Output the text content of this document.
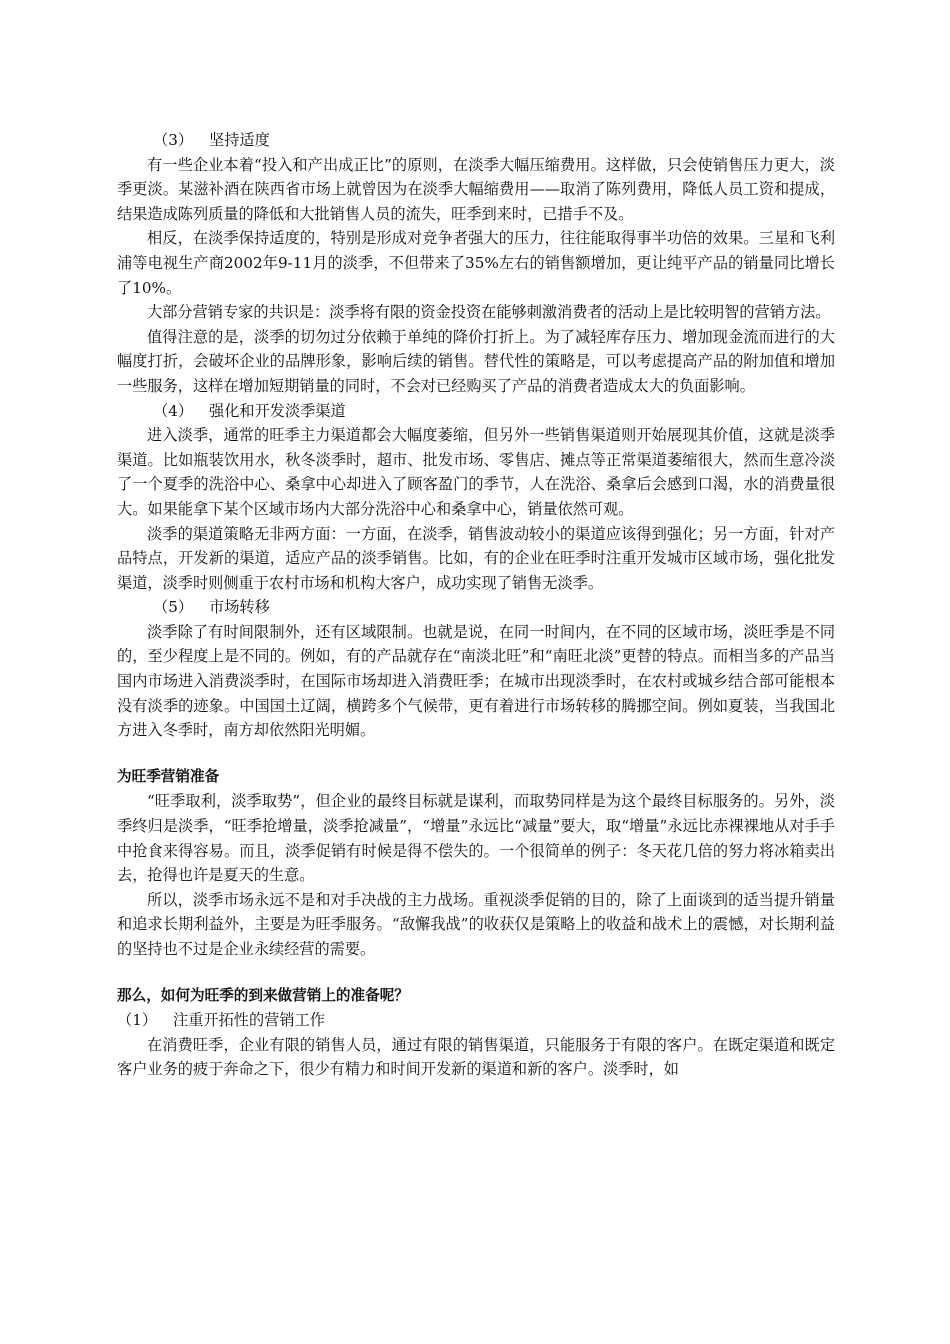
（3） 坚持适度

有一些企业本着“投入和产出成正比”的原则，在淡季大幅压缩费用。这样做，只会使销售压力更大，淡季更淡。某滋补酒在陕西省市场上就曾因为在淡季大幅缩费用——取消了陈列费用，降低人员工资和提成，结果造成陈列质量的降低和大批销售人员的流失，旺季到来时，已措手不及。

相反，在淡季保持适度的，特别是形成对竞争者强大的压力，往往能取得事半功倍的效果。三星和飞利浦等电视生产商2002年9-11月的淡季，不但带来了35%左右的销售额增加，更让纯平产品的销量同比增长了10%。

大部分营销专家的共识是：淡季将有限的资金投资在能够刺激消费者的活动上是比较明智的营销方法。

值得注意的是，淡季的切勿过分依赖于单纯的降价打折上。为了减轻库存压力、增加现金流而进行的大幅度打折，会破坏企业的品牌形象，影响后续的销售。替代性的策略是，可以考虑提高产品的附加值和增加一些服务，这样在增加短期销量的同时，不会对已经购买了产品的消费者造成太大的负面影响。

（4） 强化和开发淡季渠道

进入淡季，通常的旺季主力渠道都会大幅度萎缩，但另外一些销售渠道则开始展现其价值，这就是淡季渠道。比如瓶装饮用水，秋冬淡季时，超市、批发市场、零售店、摊点等正常渠道萎缩很大，然而生意冷淡了一个夏季的洗浴中心、桑拿中心却进入了顾客盈门的季节，人在洗浴、桑拿后会感到口渴，水的消费量很大。如果能拿下某个区域市场内大部分洗浴中心和桑拿中心，销量依然可观。

淡季的渠道策略无非两方面：一方面，在淡季，销售波动较小的渠道应该得到强化；另一方面，针对产品特点，开发新的渠道，适应产品的淡季销售。比如，有的企业在旺季时注重开发城市区域市场，强化批发渠道，淡季时则侧重于农村市场和机构大客户，成功实现了销售无淡季。

（5） 市场转移

淡季除了有时间限制外，还有区域限制。也就是说，在同一时间内，在不同的区域市场，淡旺季是不同的，至少程度上是不同的。例如，有的产品就存在“南淡北旺”和“南旺北淡”更替的特点。而相当多的产品当国内市场进入消费淡季时，在国际市场却进入消费旺季；在城市出现淡季时，在农村或城乡结合部可能根本没有淡季的迹象。中国国土辽阔，横跨多个气候带，更有着进行市场转移的腾挪空间。例如夏装，当我国北方进入冬季时，南方却依然阳光明媚。

为旺季营销准备

“旺季取利，淡季取势”，但企业的最终目标就是谋利，而取势同样是为这个最终目标服务的。另外，淡季终归是淡季，“旺季抢增量，淡季抢减量”，“增量”永远比“减量”要大，取“增量”永远比赤裸裸地从对手手中抢食来得容易。而且，淡季促销有时候是得不偿失的。一个很简单的例子：冬天花几倍的努力将冰箱卖出去，抢得也许是夏天的生意。

所以，淡季市场永远不是和对手决战的主力战场。重视淡季促销的目的，除了上面谈到的适当提升销量和追求长期利益外，主要是为旺季服务。“敌懈我战”的收获仅是策略上的收益和战术上的震憾，对长期利益的坚持也不过是企业永续经营的需要。

那么，如何为旺季的到来做营销上的准备呢？

（1） 注重开拓性的营销工作

在消费旺季，企业有限的销售人员，通过有限的销售渠道，只能服务于有限的客户。在既定渠道和既定客户业务的疲于奔命之下，很少有精力和时间开发新的渠道和新的客户。淡季时，如
